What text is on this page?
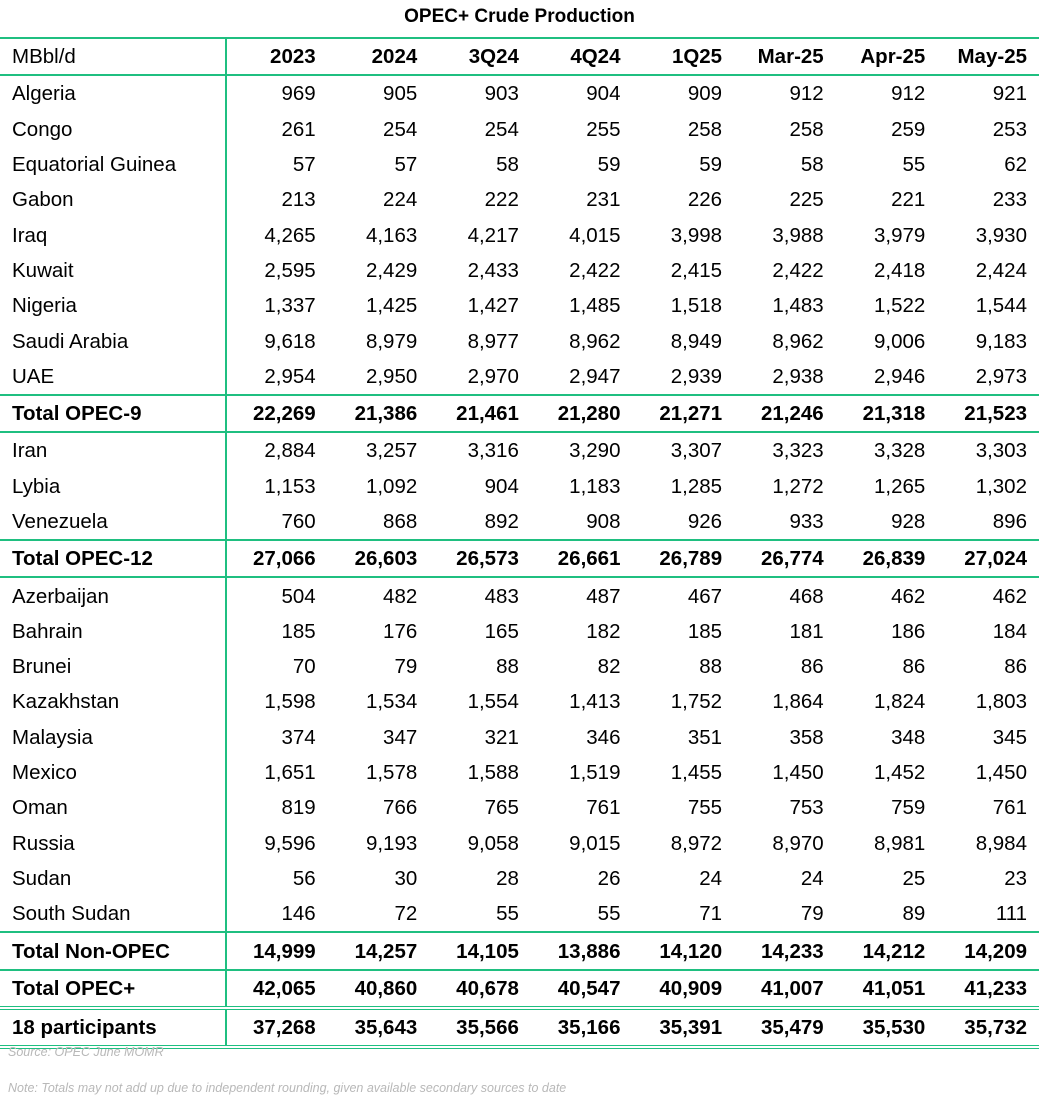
OPEC+ Crude Production
MBbl/d	2023	2024	3Q24	4Q24	1Q25	Mar-25	Apr-25	May-25
Algeria	969	905	903	904	909	912	912	921
Congo	261	254	254	255	258	258	259	253
Equatorial Guinea	57	57	58	59	59	58	55	62
Gabon	213	224	222	231	226	225	221	233
Iraq	4,265	4,163	4,217	4,015	3,998	3,988	3,979	3,930
Kuwait	2,595	2,429	2,433	2,422	2,415	2,422	2,418	2,424
Nigeria	1,337	1,425	1,427	1,485	1,518	1,483	1,522	1,544
Saudi Arabia	9,618	8,979	8,977	8,962	8,949	8,962	9,006	9,183
UAE	2,954	2,950	2,970	2,947	2,939	2,938	2,946	2,973
Total OPEC-9	22,269	21,386	21,461	21,280	21,271	21,246	21,318	21,523
Iran	2,884	3,257	3,316	3,290	3,307	3,323	3,328	3,303
Lybia	1,153	1,092	904	1,183	1,285	1,272	1,265	1,302
Venezuela	760	868	892	908	926	933	928	896
Total OPEC-12	27,066	26,603	26,573	26,661	26,789	26,774	26,839	27,024
Azerbaijan	504	482	483	487	467	468	462	462
Bahrain	185	176	165	182	185	181	186	184
Brunei	70	79	88	82	88	86	86	86
Kazakhstan	1,598	1,534	1,554	1,413	1,752	1,864	1,824	1,803
Malaysia	374	347	321	346	351	358	348	345
Mexico	1,651	1,578	1,588	1,519	1,455	1,450	1,452	1,450
Oman	819	766	765	761	755	753	759	761
Russia	9,596	9,193	9,058	9,015	8,972	8,970	8,981	8,984
Sudan	56	30	28	26	24	24	25	23
South Sudan	146	72	55	55	71	79	89	111
Total Non-OPEC	14,999	14,257	14,105	13,886	14,120	14,233	14,212	14,209
Total OPEC+	42,065	40,860	40,678	40,547	40,909	41,007	41,051	41,233
18 participants	37,268	35,643	35,566	35,166	35,391	35,479	35,530	35,732
Source: OPEC June MOMR
Note: Totals may not add up due to independent rounding, given available secondary sources to date
